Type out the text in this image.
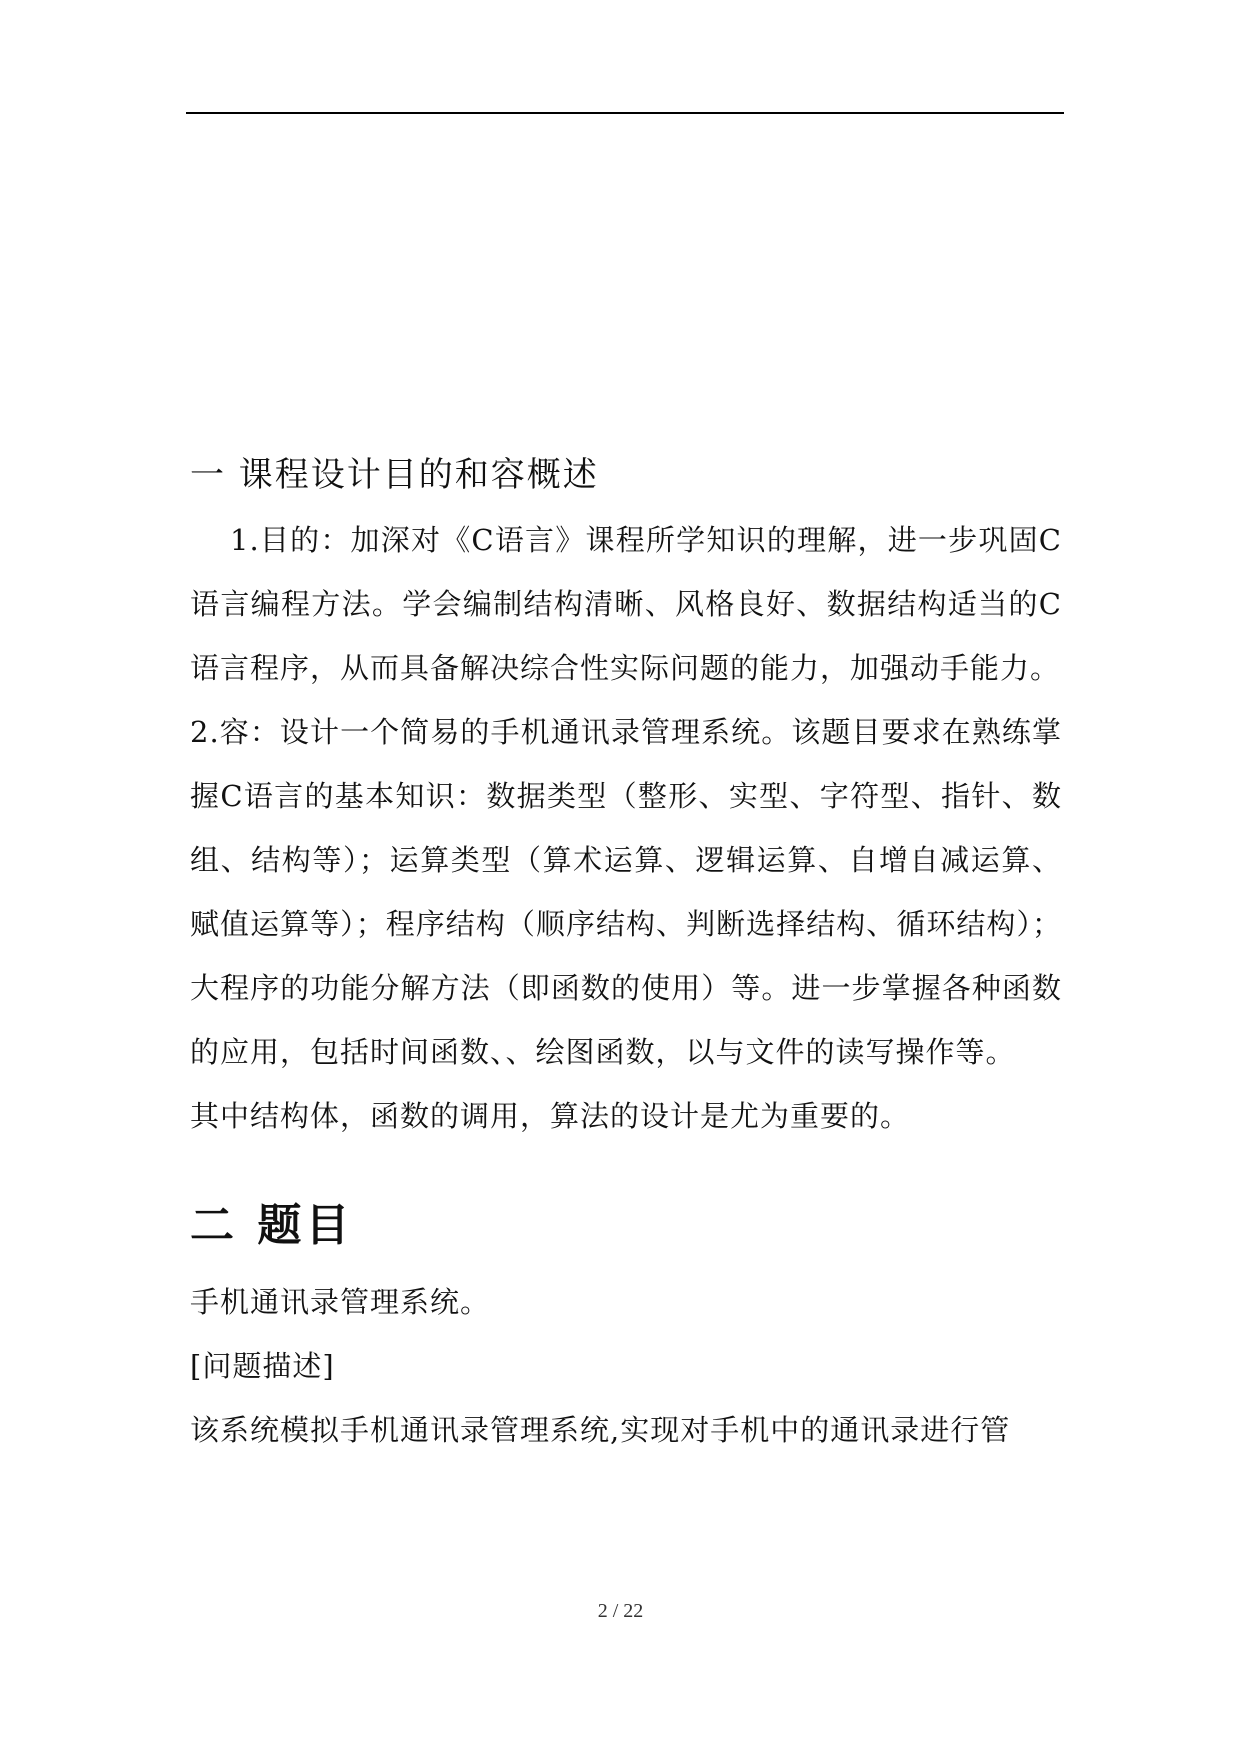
一 课程设计目的和容概述

1.目的：加深对《C语言》课程所学知识的理解，进一步巩固C语言编程方法。学会编制结构清晰、风格良好、数据结构适当的C语言程序，从而具备解决综合性实际问题的能力，加强动手能力。

2.容：设计一个简易的手机通讯录管理系统。该题目要求在熟练掌握C语言的基本知识：数据类型（整形、实型、字符型、指针、数组、结构等）；运算类型（算术运算、逻辑运算、自增自减运算、赋值运算等）；程序结构（顺序结构、判断选择结构、循环结构）；大程序的功能分解方法（即函数的使用）等。进一步掌握各种函数的应用，包括时间函数、、绘图函数，以与文件的读写操作等。

其中结构体，函数的调用，算法的设计是尤为重要的。

二 题目

手机通讯录管理系统。

[问题描述]

该系统模拟手机通讯录管理系统,实现对手机中的通讯录进行管

2 / 22
